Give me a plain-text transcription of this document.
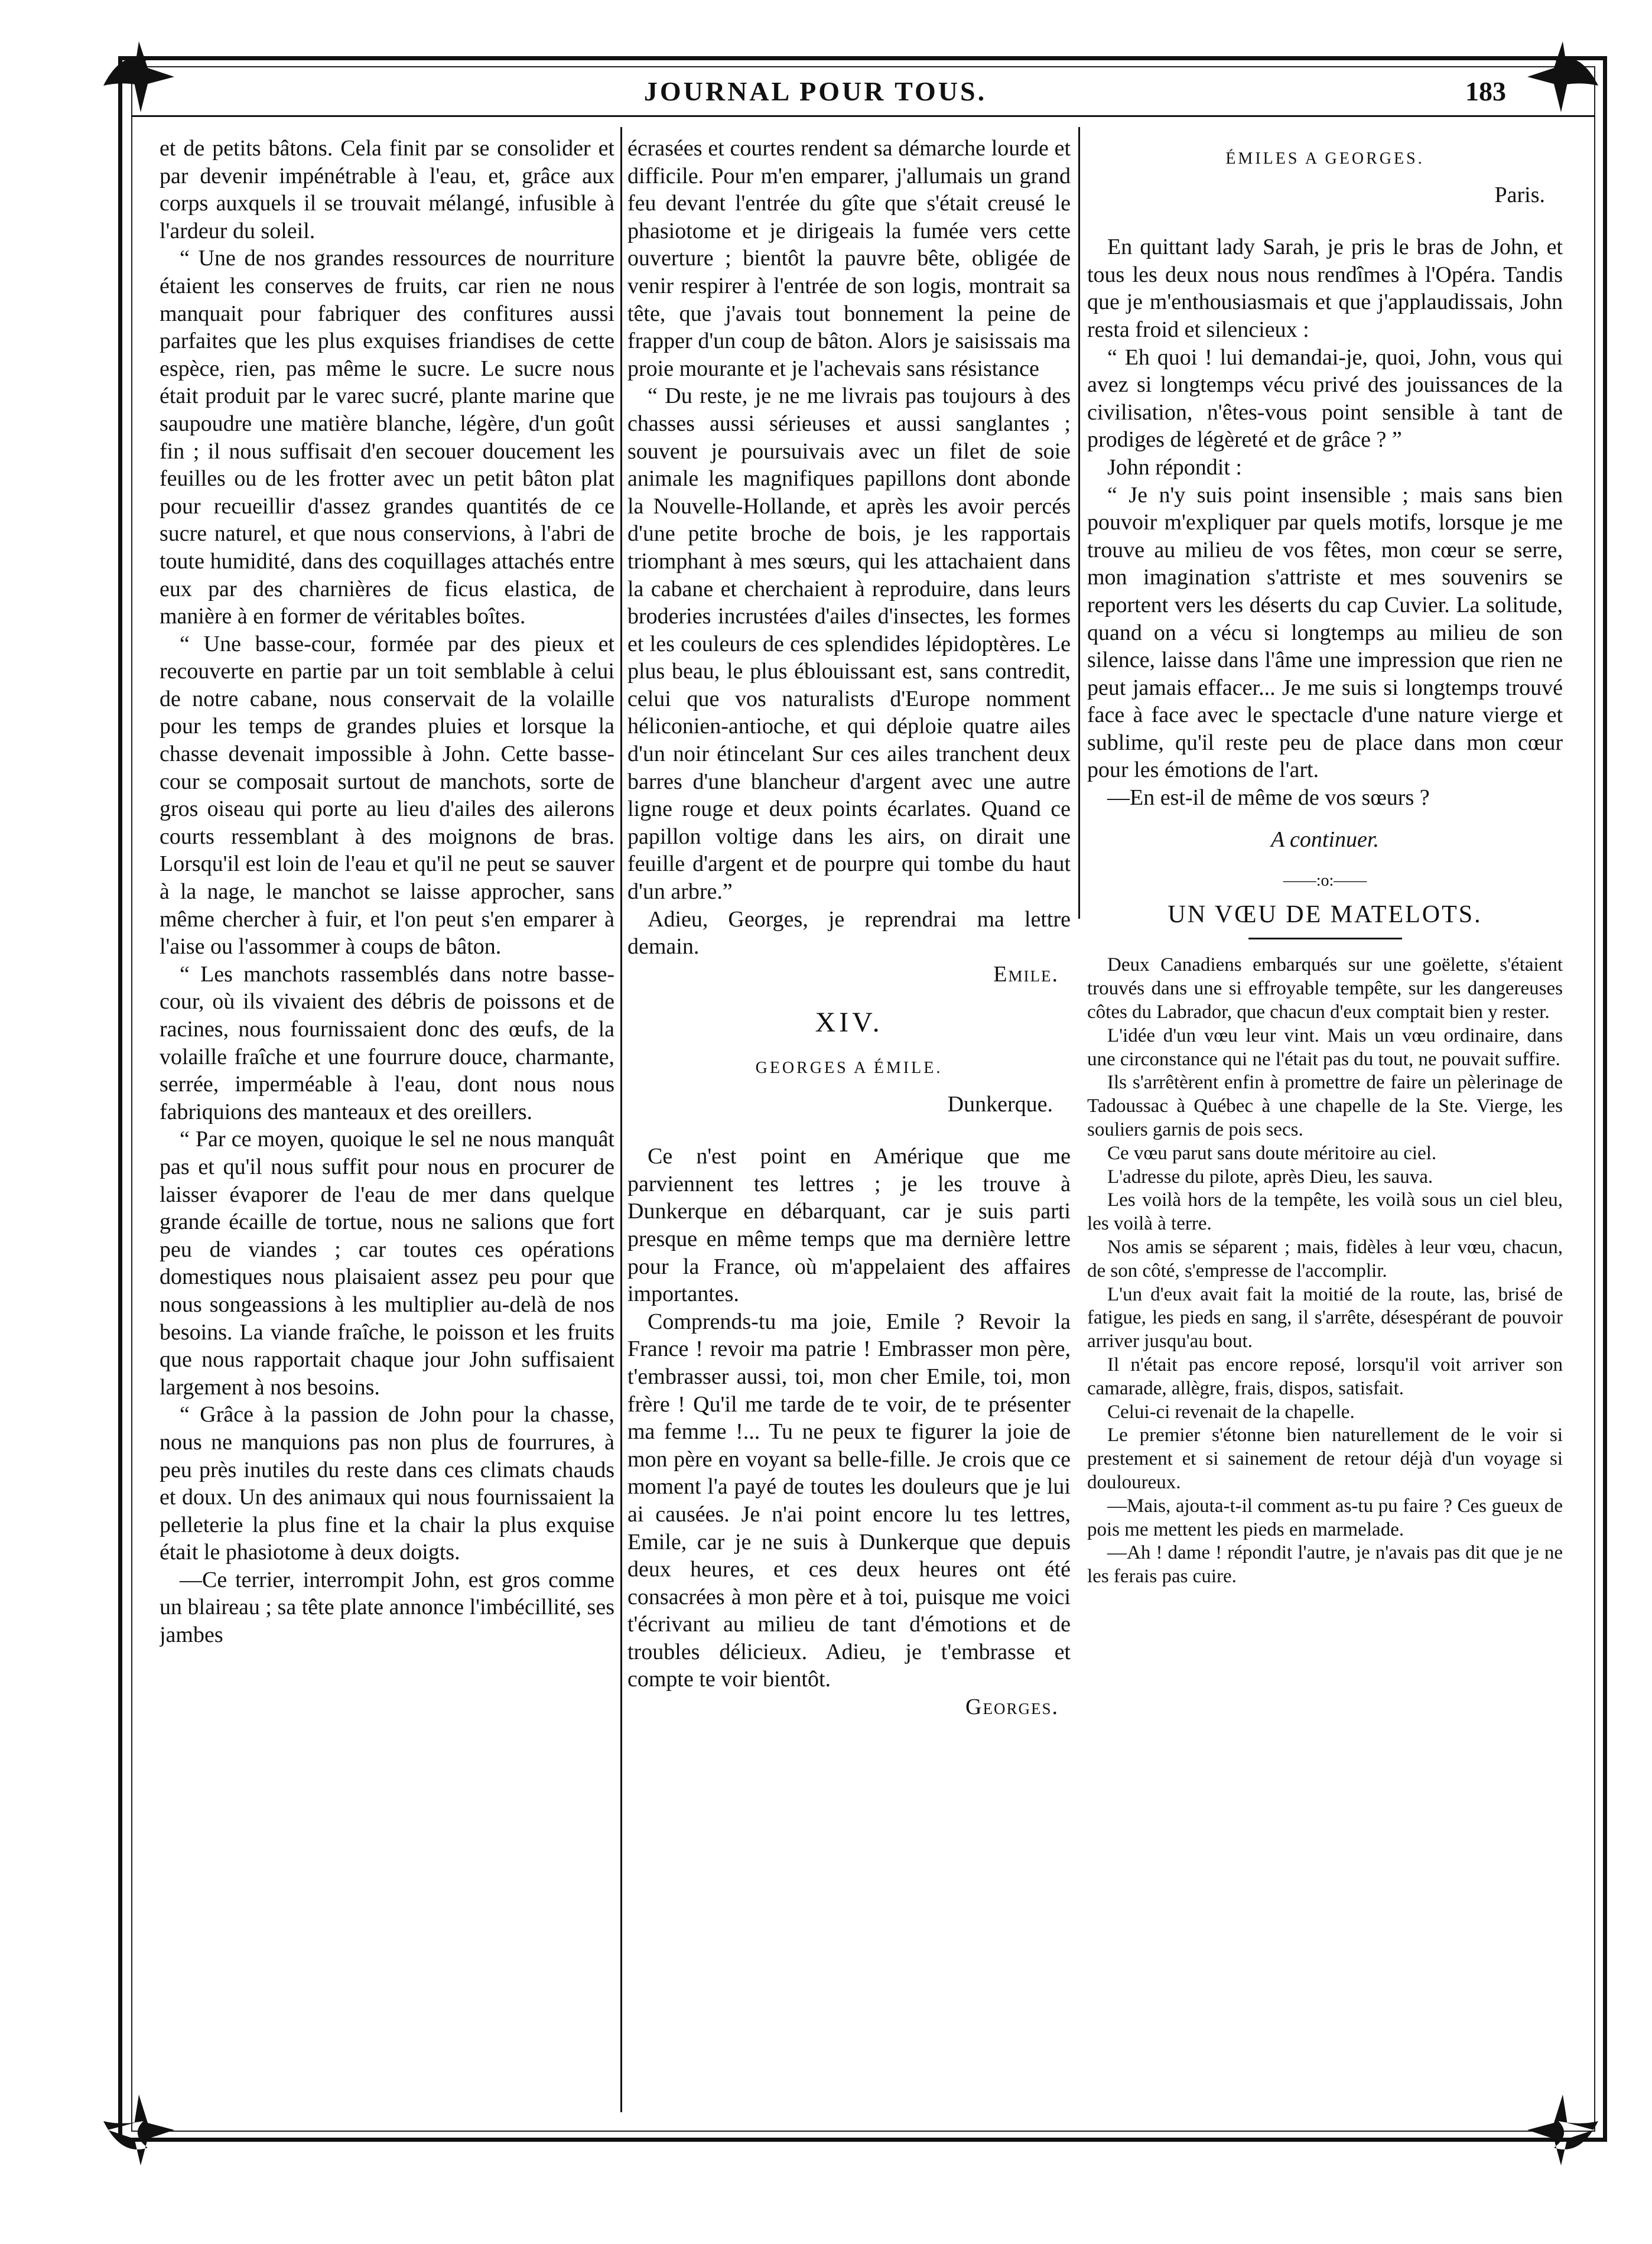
JOURNAL POUR TOUS.	183

et de petits bâtons. Cela finit par se consolider et par devenir impénétrable à l'eau, et, grâce aux corps auxquels il se trouvait mélangé, infusible à l'ardeur du soleil.

“ Une de nos grandes ressources de nourriture étaient les conserves de fruits, car rien ne nous manquait pour fabriquer des confitures aussi parfaites que les plus exquises friandises de cette espèce, rien, pas même le sucre. Le sucre nous était produit par le varec sucré, plante marine que saupoudre une matière blanche, légère, d'un goût fin ; il nous suffisait d'en secouer doucement les feuilles ou de les frotter avec un petit bâton plat pour recueillir d'assez grandes quantités de ce sucre naturel, et que nous conservions, à l'abri de toute humidité, dans des coquillages attachés entre eux par des charnières de ficus elastica, de manière à en former de véritables boîtes.

“ Une basse-cour, formée par des pieux et recouverte en partie par un toit semblable à celui de notre cabane, nous conservait de la volaille pour les temps de grandes pluies et lorsque la chasse devenait impossible à John. Cette basse-cour se composait surtout de manchots, sorte de gros oiseau qui porte au lieu d'ailes des ailerons courts ressemblant à des moignons de bras. Lorsqu'il est loin de l'eau et qu'il ne peut se sauver à la nage, le manchot se laisse approcher, sans même chercher à fuir, et l'on peut s'en emparer à l'aise ou l'assommer à coups de bâton.

“ Les manchots rassemblés dans notre basse-cour, où ils vivaient des débris de poissons et de racines, nous fournissaient donc des œufs, de la volaille fraîche et une fourrure douce, charmante, serrée, imperméable à l'eau, dont nous nous fabriquions des manteaux et des oreillers.

“ Par ce moyen, quoique le sel ne nous manquât pas et qu'il nous suffit pour nous en procurer de laisser évaporer de l'eau de mer dans quelque grande écaille de tortue, nous ne salions que fort peu de viandes ; car toutes ces opérations domestiques nous plaisaient assez peu pour que nous songeassions à les multiplier au-delà de nos besoins. La viande fraîche, le poisson et les fruits que nous rapportait chaque jour John suffisaient largement à nos besoins.

“ Grâce à la passion de John pour la chasse, nous ne manquions pas non plus de fourrures, à peu près inutiles du reste dans ces climats chauds et doux. Un des animaux qui nous fournissaient la pelleterie la plus fine et la chair la plus exquise était le phasiotome à deux doigts.

—Ce terrier, interrompit John, est gros comme un blaireau ; sa tête plate annonce l'imbécillité, ses jambes

écrasées et courtes rendent sa démarche lourde et difficile. Pour m'en emparer, j'allumais un grand feu devant l'entrée du gîte que s'était creusé le phasiotome et je dirigeais la fumée vers cette ouverture ; bientôt la pauvre bête, obligée de venir respirer à l'entrée de son logis, montrait sa tête, que j'avais tout bonnement la peine de frapper d'un coup de bâton. Alors je saisissais ma proie mourante et je l'achevais sans résistance

“ Du reste, je ne me livrais pas toujours à des chasses aussi sérieuses et aussi sanglantes ; souvent je poursuivais avec un filet de soie animale les magnifiques papillons dont abonde la Nouvelle-Hollande, et après les avoir percés d'une petite broche de bois, je les rapportais triomphant à mes sœurs, qui les attachaient dans la cabane et cherchaient à reproduire, dans leurs broderies incrustées d'ailes d'insectes, les formes et les couleurs de ces splendides lépidoptères. Le plus beau, le plus éblouissant est, sans contredit, celui que vos naturalists d'Europe nomment héliconien-antioche, et qui déploie quatre ailes d'un noir étincelant Sur ces ailes tranchent deux barres d'une blancheur d'argent avec une autre ligne rouge et deux points écarlates. Quand ce papillon voltige dans les airs, on dirait une feuille d'argent et de pourpre qui tombe du haut d'un arbre.”

Adieu, Georges, je reprendrai ma lettre demain.

Emile.
XIV.
GEORGES A ÉMILE.
Dunkerque.

Ce n'est point en Amérique que me parviennent tes lettres ; je les trouve à Dunkerque en débarquant, car je suis parti presque en même temps que ma dernière lettre pour la France, où m'appelaient des affaires importantes.

Comprends-tu ma joie, Emile ? Revoir la France ! revoir ma patrie ! Embrasser mon père, t'embrasser aussi, toi, mon cher Emile, toi, mon frère ! Qu'il me tarde de te voir, de te présenter ma femme !... Tu ne peux te figurer la joie de mon père en voyant sa belle-fille. Je crois que ce moment l'a payé de toutes les douleurs que je lui ai causées. Je n'ai point encore lu tes lettres, Emile, car je ne suis à Dunkerque que depuis deux heures, et ces deux heures ont été consacrées à mon père et à toi, puisque me voici t'écrivant au milieu de tant d'émotions et de troubles délicieux. Adieu, je t'embrasse et compte te voir bientôt.

Georges.
ÉMILES A GEORGES.
Paris.

En quittant lady Sarah, je pris le bras de John, et tous les deux nous nous rendîmes à l'Opéra. Tandis que je m'enthousiasmais et que j'applaudissais, John resta froid et silencieux :

“ Eh quoi ! lui demandai-je, quoi, John, vous qui avez si longtemps vécu privé des jouissances de la civilisation, n'êtes-vous point sensible à tant de prodiges de légèreté et de grâce ? ”

John répondit :

“ Je n'y suis point insensible ; mais sans bien pouvoir m'expliquer par quels motifs, lorsque je me trouve au milieu de vos fêtes, mon cœur se serre, mon imagination s'attriste et mes souvenirs se reportent vers les déserts du cap Cuvier. La solitude, quand on a vécu si longtemps au milieu de son silence, laisse dans l'âme une impression que rien ne peut jamais effacer... Je me suis si longtemps trouvé face à face avec le spectacle d'une nature vierge et sublime, qu'il reste peu de place dans mon cœur pour les émotions de l'art.

—En est-il de même de vos sœurs ?

A continuer.
——:o:——
UN VŒU DE MATELOTS.

Deux Canadiens embarqués sur une goëlette, s'étaient trouvés dans une si effroyable tempête, sur les dangereuses côtes du Labrador, que chacun d'eux comptait bien y rester.

L'idée d'un vœu leur vint. Mais un vœu ordinaire, dans une circonstance qui ne l'était pas du tout, ne pouvait suffire.

Ils s'arrêtèrent enfin à promettre de faire un pèlerinage de Tadoussac à Québec à une chapelle de la Ste. Vierge, les souliers garnis de pois secs.

Ce vœu parut sans doute méritoire au ciel.

L'adresse du pilote, après Dieu, les sauva.

Les voilà hors de la tempête, les voilà sous un ciel bleu, les voilà à terre.

Nos amis se séparent ; mais, fidèles à leur vœu, chacun, de son côté, s'empresse de l'accomplir.

L'un d'eux avait fait la moitié de la route, las, brisé de fatigue, les pieds en sang, il s'arrête, désespérant de pouvoir arriver jusqu'au bout.

Il n'était pas encore reposé, lorsqu'il voit arriver son camarade, allègre, frais, dispos, satisfait.

Celui-ci revenait de la chapelle.

Le premier s'étonne bien naturellement de le voir si prestement et si sainement de retour déjà d'un voyage si douloureux.

—Mais, ajouta-t-il comment as-tu pu faire ? Ces gueux de pois me mettent les pieds en marmelade.

—Ah ! dame ! répondit l'autre, je n'avais pas dit que je ne les ferais pas cuire.
